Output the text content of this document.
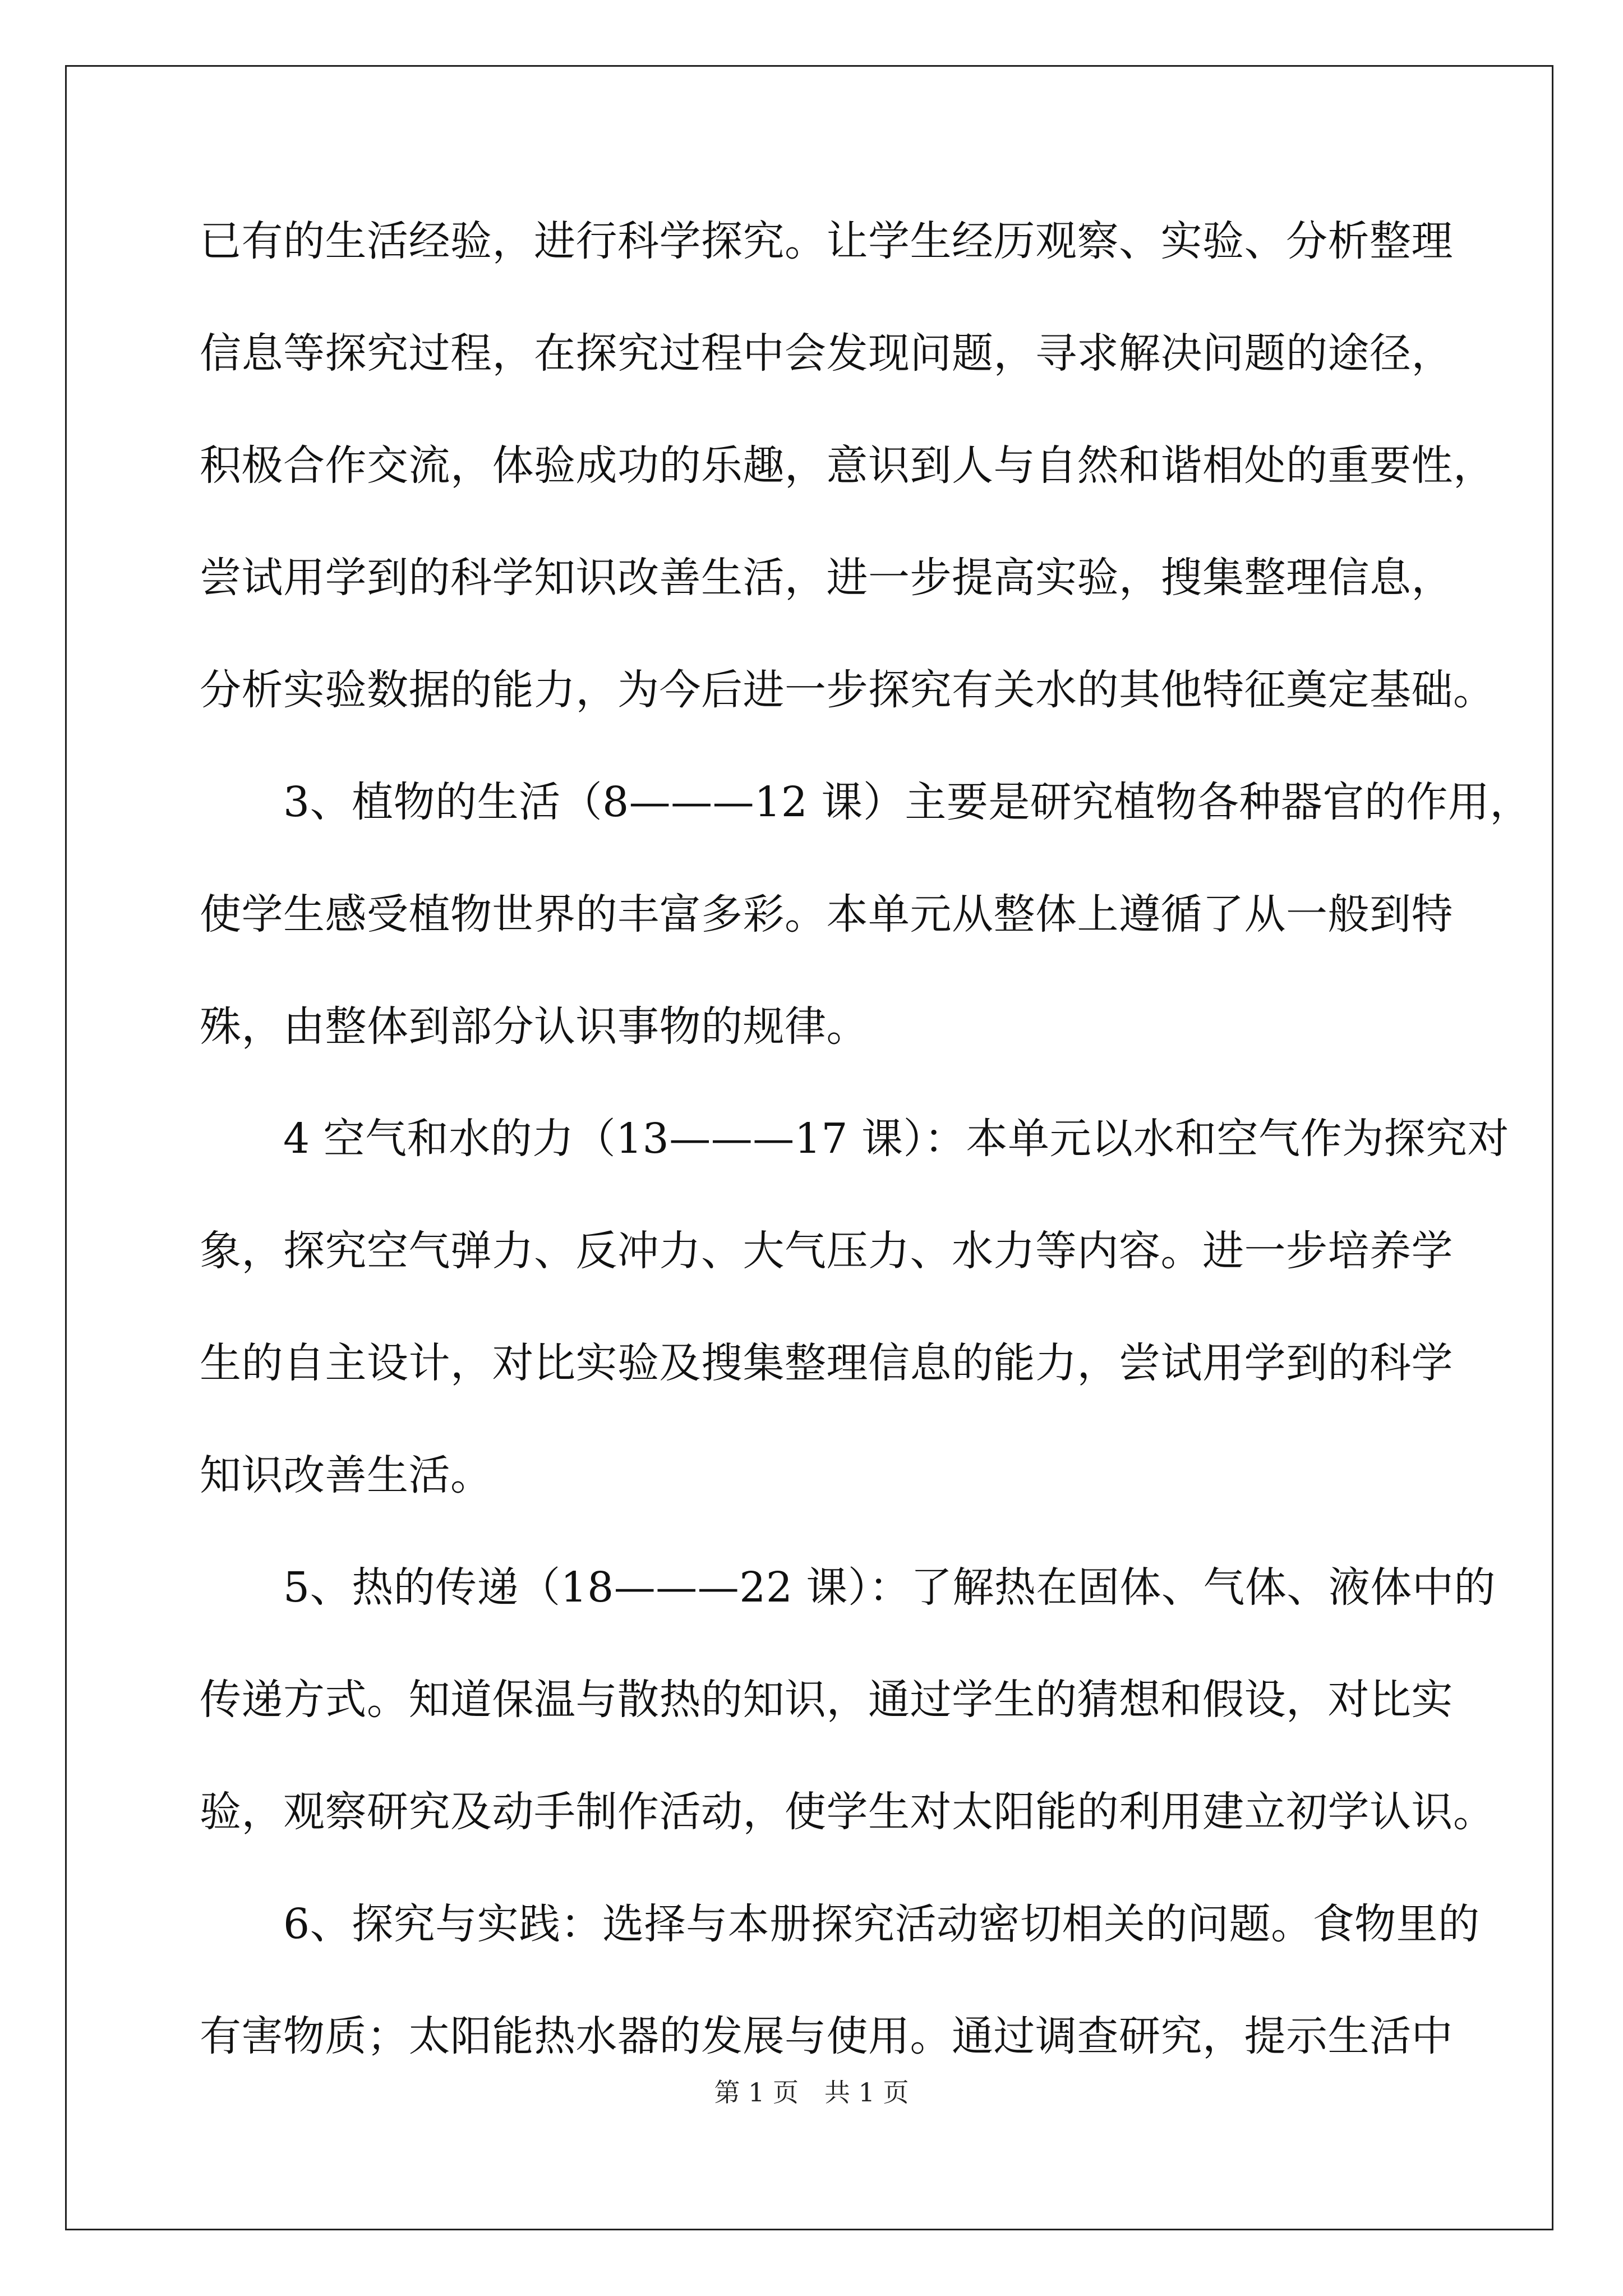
已有的生活经验，进行科学探究。让学生经历观察、实验、分析整理
信息等探究过程，在探究过程中会发现问题，寻求解决问题的途径，
积极合作交流，体验成功的乐趣，意识到人与自然和谐相处的重要性，
尝试用学到的科学知识改善生活，进一步提高实验，搜集整理信息，
分析实验数据的能力，为今后进一步探究有关水的其他特征奠定基础。
　　3、植物的生活（8———12 课）主要是研究植物各种器官的作用，
使学生感受植物世界的丰富多彩。本单元从整体上遵循了从一般到特
殊，由整体到部分认识事物的规律。
　　4 空气和水的力（13———17 课）：本单元以水和空气作为探究对
象，探究空气弹力、反冲力、大气压力、水力等内容。进一步培养学
生的自主设计，对比实验及搜集整理信息的能力，尝试用学到的科学
知识改善生活。
　　5、热的传递（18———22 课）：了解热在固体、气体、液体中的
传递方式。知道保温与散热的知识，通过学生的猜想和假设，对比实
验，观察研究及动手制作活动，使学生对太阳能的利用建立初学认识。
　　6、探究与实践：选择与本册探究活动密切相关的问题。食物里的
有害物质；太阳能热水器的发展与使用。通过调查研究，提示生活中
第 1 页　共 1 页
